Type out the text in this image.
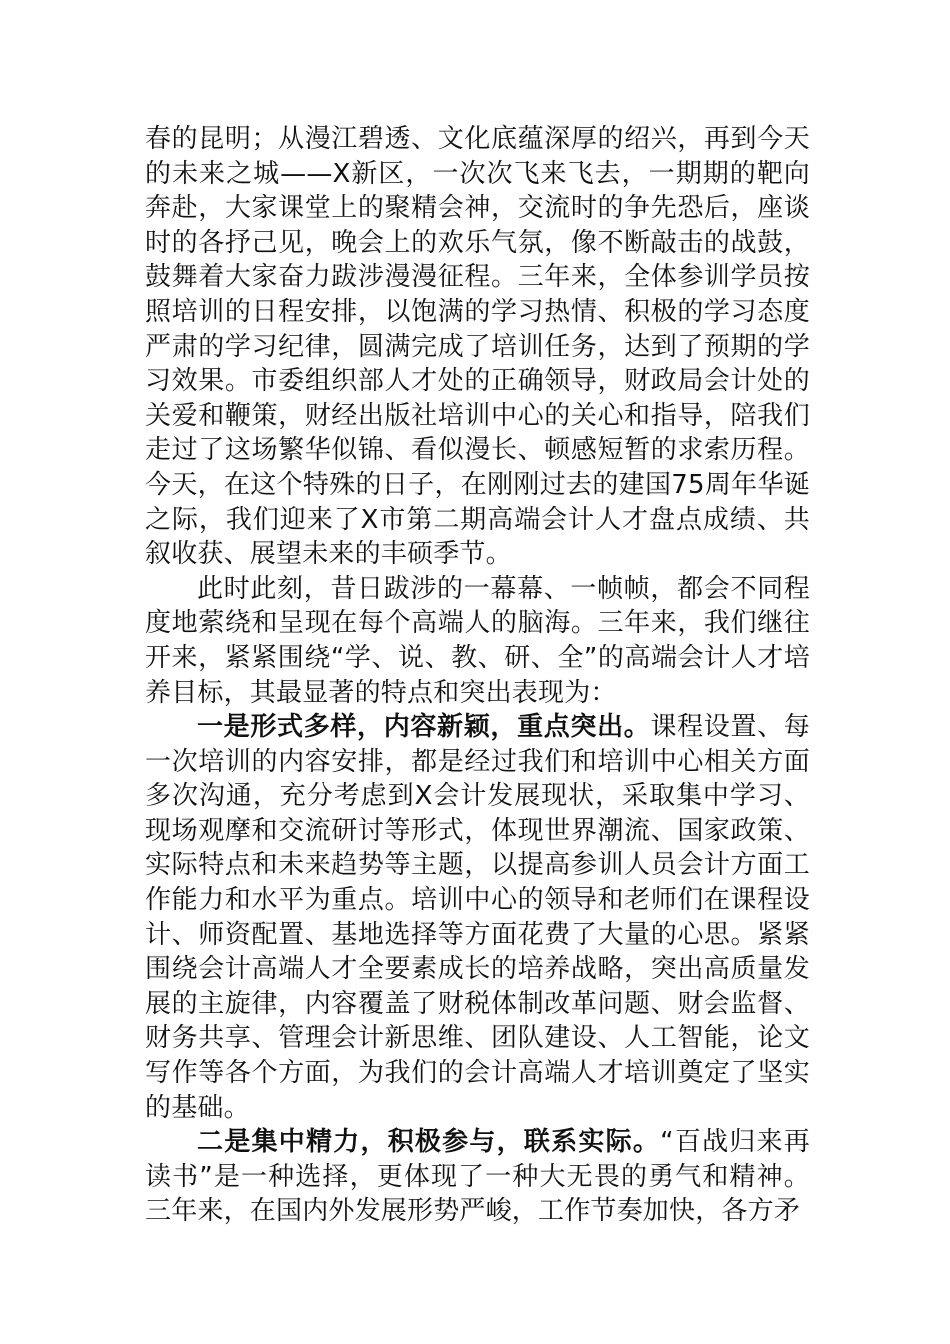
春的昆明；从漫江碧透、文化底蕴深厚的绍兴，再到今天的未来之城——X新区，一次次飞来飞去，一期期的靶向奔赴，大家课堂上的聚精会神，交流时的争先恐后，座谈时的各抒己见，晚会上的欢乐气氛，像不断敲击的战鼓，鼓舞着大家奋力跋涉漫漫征程。三年来，全体参训学员按照培训的日程安排，以饱满的学习热情、积极的学习态度严肃的学习纪律，圆满完成了培训任务，达到了预期的学习效果。市委组织部人才处的正确领导，财政局会计处的关爱和鞭策，财经出版社培训中心的关心和指导，陪我们走过了这场繁华似锦、看似漫长、顿感短暂的求索历程。今天，在这个特殊的日子，在刚刚过去的建国75周年华诞之际，我们迎来了X市第二期高端会计人才盘点成绩、共叙收获、展望未来的丰硕季节。

此时此刻，昔日跋涉的一幕幕、一帧帧，都会不同程度地萦绕和呈现在每个高端人的脑海。三年来，我们继往开来，紧紧围绕“学、说、教、研、全”的高端会计人才培养目标，其最显著的特点和突出表现为：

一是形式多样，内容新颖，重点突出。课程设置、每一次培训的内容安排，都是经过我们和培训中心相关方面多次沟通，充分考虑到X会计发展现状，采取集中学习、现场观摩和交流研讨等形式，体现世界潮流、国家政策、实际特点和未来趋势等主题，以提高参训人员会计方面工作能力和水平为重点。培训中心的领导和老师们在课程设计、师资配置、基地选择等方面花费了大量的心思。紧紧围绕会计高端人才全要素成长的培养战略，突出高质量发展的主旋律，内容覆盖了财税体制改革问题、财会监督、财务共享、管理会计新思维、团队建设、人工智能，论文写作等各个方面，为我们的会计高端人才培训奠定了坚实的基础。

二是集中精力，积极参与，联系实际。“百战归来再读书”是一种选择，更体现了一种大无畏的勇气和精神。三年来，在国内外发展形势严峻，工作节奏加快，各方矛
